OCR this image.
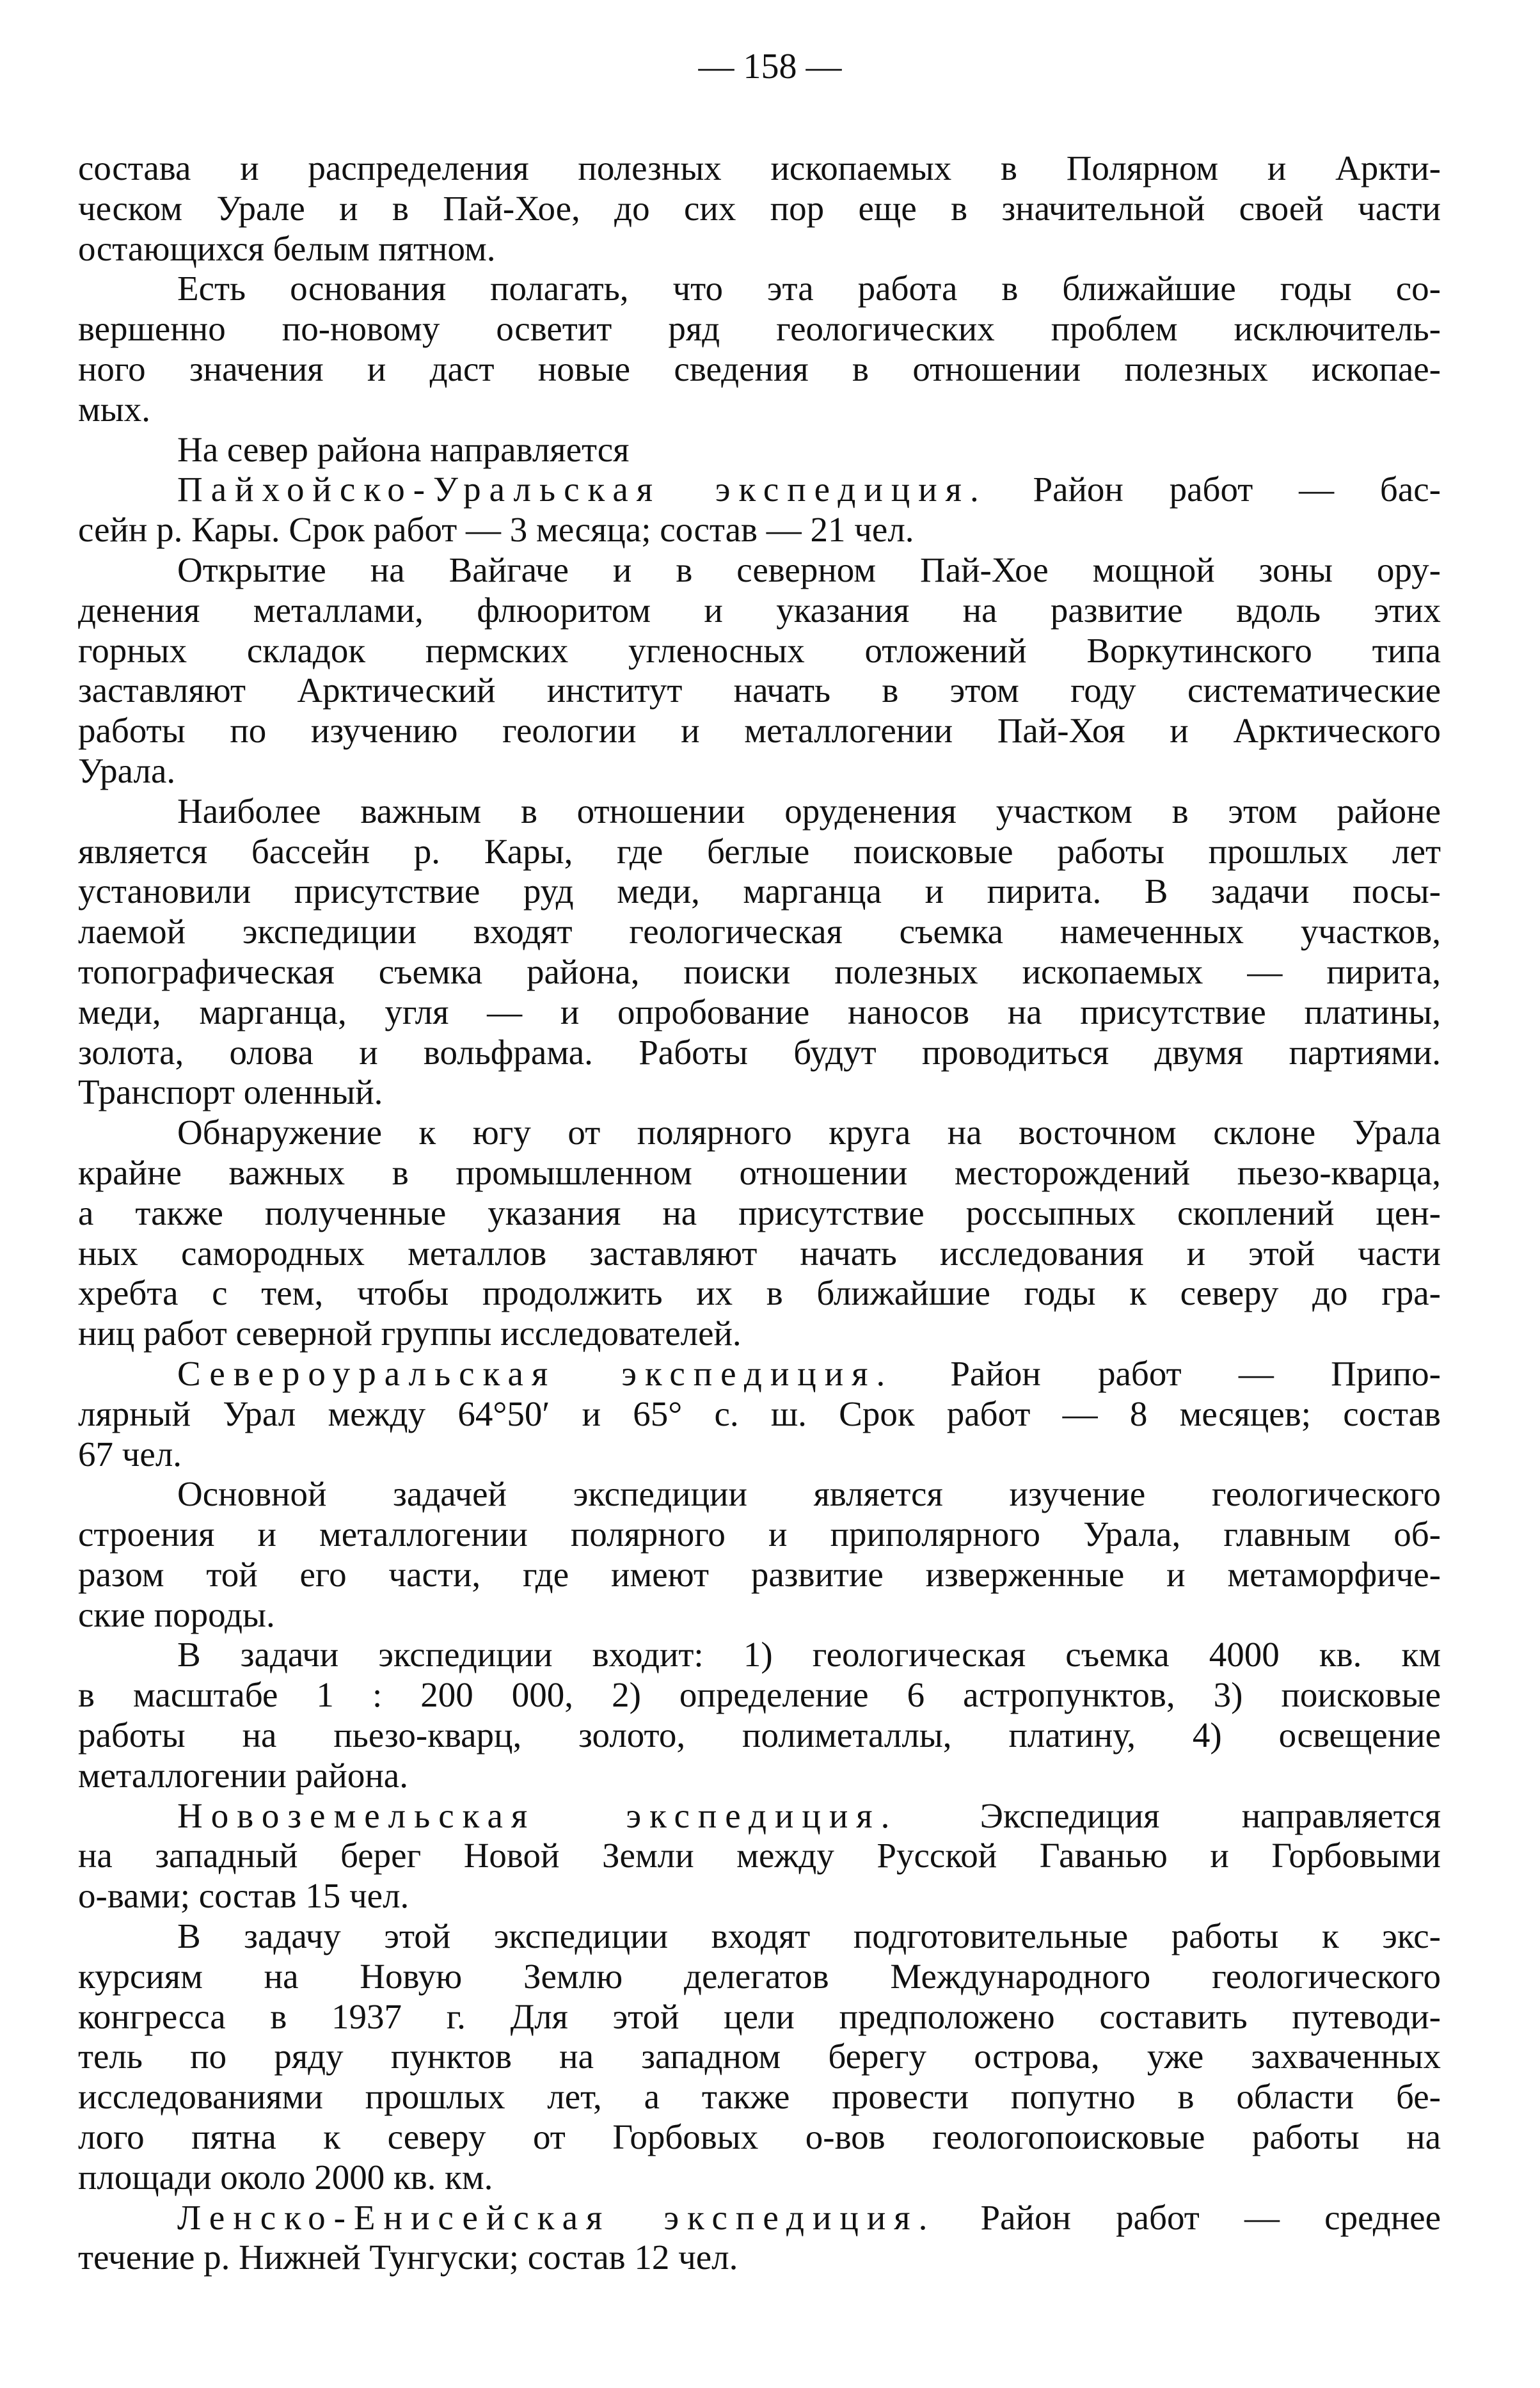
— 158 —
состава и распределения полезных ископаемых в Полярном и Аркти-
ческом Урале и в Пай-Хое, до сих пор еще в значительной своей части
остающихся белым пятном.
Есть основания полагать, что эта работа в ближайшие годы со-
вершенно по-новому осветит ряд геологических проблем исключитель-
ного значения и даст новые сведения в отношении полезных ископае-
мых.
На север района направляется
Пайхойско-Уральская экспедиция. Район работ — бас-
сейн р. Кары. Срок работ — 3 месяца; состав — 21 чел.
Открытие на Вайгаче и в северном Пай-Хое мощной зоны ору-
денения металлами, флюоритом и указания на развитие вдоль этих
горных складок пермских угленосных отложений Воркутинского типа
заставляют Арктический институт начать в этом году систематические
работы по изучению геологии и металлогении Пай-Хоя и Арктического
Урала.
Наиболее важным в отношении оруденения участком в этом районе
является бассейн р. Кары, где беглые поисковые работы прошлых лет
установили присутствие руд меди, марганца и пирита. В задачи посы-
лаемой экспедиции входят геологическая съемка намеченных участков,
топографическая съемка района, поиски полезных ископаемых — пирита,
меди, марганца, угля — и опробование наносов на присутствие платины,
золота, олова и вольфрама. Работы будут проводиться двумя партиями.
Транспорт оленный.
Обнаружение к югу от полярного круга на восточном склоне Урала
крайне важных в промышленном отношении месторождений пьезо-кварца,
а также полученные указания на присутствие россыпных скоплений цен-
ных самородных металлов заставляют начать исследования и этой части
хребта с тем, чтобы продолжить их в ближайшие годы к северу до гра-
ниц работ северной группы исследователей.
Североуральская экспедиция. Район работ — Припо-
лярный Урал между 64°50′ и 65° с. ш. Срок работ — 8 месяцев; состав
67 чел.
Основной задачей экспедиции является изучение геологического
строения и металлогении полярного и приполярного Урала, главным об-
разом той его части, где имеют развитие изверженные и метаморфиче-
ские породы.
В задачи экспедиции входит: 1) геологическая съемка 4000 кв. км
в масштабе 1 : 200 000, 2) определение 6 астропунктов, 3) поисковые
работы на пьезо-кварц, золото, полиметаллы, платину, 4) освещение
металлогении района.
Новоземельская экспедиция. Экспедиция направляется
на западный берег Новой Земли между Русской Гаванью и Горбовыми
о-вами; состав 15 чел.
В задачу этой экспедиции входят подготовительные работы к экс-
курсиям на Новую Землю делегатов Международного геологического
конгресса в 1937 г. Для этой цели предположено составить путеводи-
тель по ряду пунктов на западном берегу острова, уже захваченных
исследованиями прошлых лет, а также провести попутно в области бе-
лого пятна к северу от Горбовых о-вов геологопоисковые работы на
площади около 2000 кв. км.
Ленско-Енисейская экспедиция. Район работ — среднее
течение р. Нижней Тунгуски; состав 12 чел.
